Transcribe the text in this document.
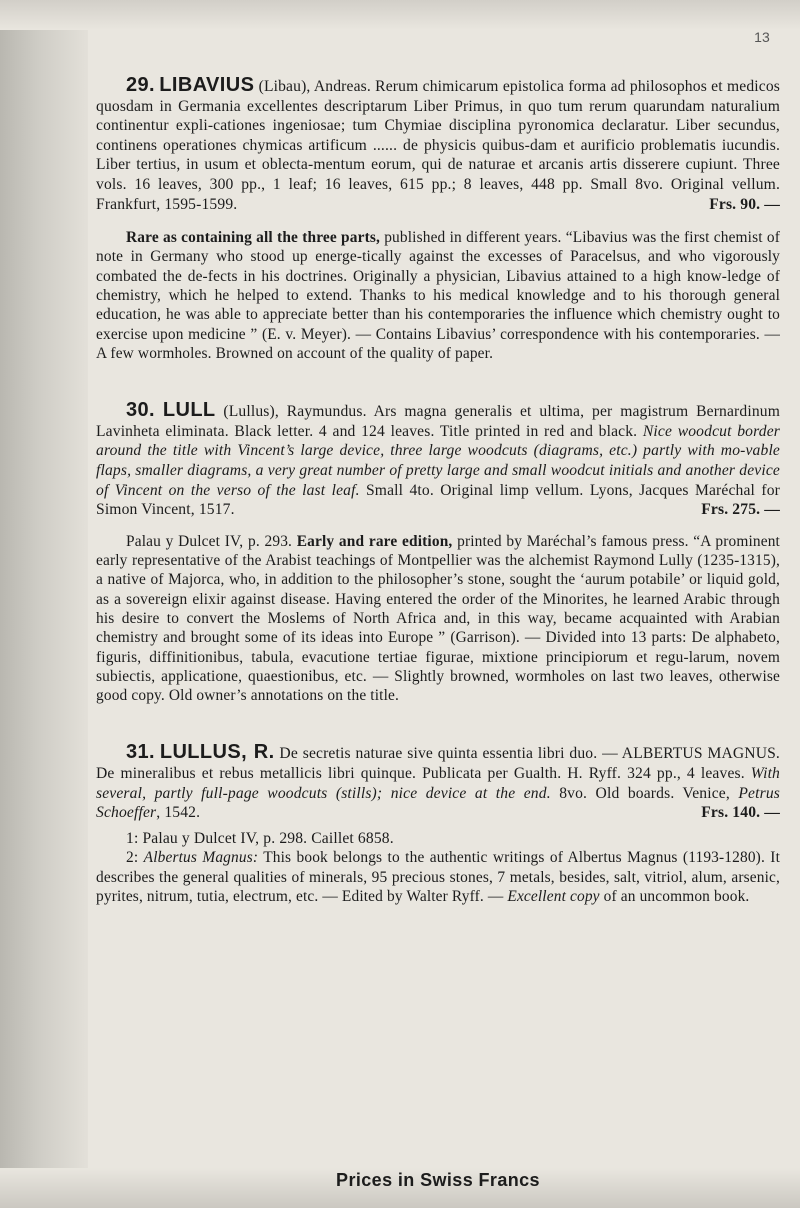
13

29. LIBAVIUS (Libau), Andreas. Rerum chimicarum epistolica forma ad philosophos et medicos quosdam in Germania excellentes descriptarum Liber Primus, in quo tum rerum quarundam naturalium continentur expli-cationes ingeniosae; tum Chymiae disciplina pyronomica declaratur. Liber secundus, continens operationes chymicas artificum ...... de physicis quibus-dam et aurificio problematis iucundis. Liber tertius, in usum et oblecta-mentum eorum, qui de naturae et arcanis artis disserere cupiunt. Three vols. 16 leaves, 300 pp., 1 leaf; 16 leaves, 615 pp.; 8 leaves, 448 pp. Small 8vo. Original vellum. Frankfurt, 1595-1599.	Frs. 90. —

Rare as containing all the three parts, published in different years. “Libavius was the first chemist of note in Germany who stood up energe-tically against the excesses of Paracelsus, and who vigorously combated the de-fects in his doctrines. Originally a physician, Libavius attained to a high know-ledge of chemistry, which he helped to extend. Thanks to his medical knowledge and to his thorough general education, he was able to appreciate better than his contemporaries the influence which chemistry ought to exercise upon medicine ” (E. v. Meyer). — Contains Libavius’ correspondence with his contemporaries. — A few wormholes. Browned on account of the quality of paper.

30. LULL (Lullus), Raymundus. Ars magna generalis et ultima, per magistrum Bernardinum Lavinheta eliminata. Black letter. 4 and 124 leaves. Title printed in red and black. Nice woodcut border around the title with Vincent’s large device, three large woodcuts (diagrams, etc.) partly with mo-vable flaps, smaller diagrams, a very great number of pretty large and small woodcut initials and another device of Vincent on the verso of the last leaf. Small 4to. Original limp vellum. Lyons, Jacques Maréchal for Simon Vincent, 1517.	Frs. 275. —

Palau y Dulcet IV, p. 293. Early and rare edition, printed by Maréchal’s famous press. “A prominent early representative of the Arabist teachings of Montpellier was the alchemist Raymond Lully (1235-1315), a native of Majorca, who, in addition to the philosopher’s stone, sought the ‘aurum potabile’ or liquid gold, as a sovereign elixir against disease. Having entered the order of the Minorites, he learned Arabic through his desire to convert the Moslems of North Africa and, in this way, became acquainted with Arabian chemistry and brought some of its ideas into Europe ” (Garrison). — Divided into 13 parts: De alphabeto, figuris, diffinitionibus, tabula, evacutione tertiae figurae, mixtione principiorum et regu-larum, novem subiectis, applicatione, quaestionibus, etc. — Slightly browned, wormholes on last two leaves, otherwise good copy. Old owner’s annotations on the title.

31. LULLUS, R. De secretis naturae sive quinta essentia libri duo. — ALBERTUS MAGNUS. De mineralibus et rebus metallicis libri quinque. Publicata per Gualth. H. Ryff. 324 pp., 4 leaves. With several, partly full-page woodcuts (stills); nice device at the end. 8vo. Old boards. Venice, Petrus Schoeffer, 1542.	Frs. 140. —

1: Palau y Dulcet IV, p. 298. Caillet 6858.

2: Albertus Magnus: This book belongs to the authentic writings of Albertus Magnus (1193-1280). It describes the general qualities of minerals, 95 precious stones, 7 metals, besides, salt, vitriol, alum, arsenic, pyrites, nitrum, tutia, electrum, etc. — Edited by Walter Ryff. — Excellent copy of an uncommon book.

Prices in Swiss Francs
